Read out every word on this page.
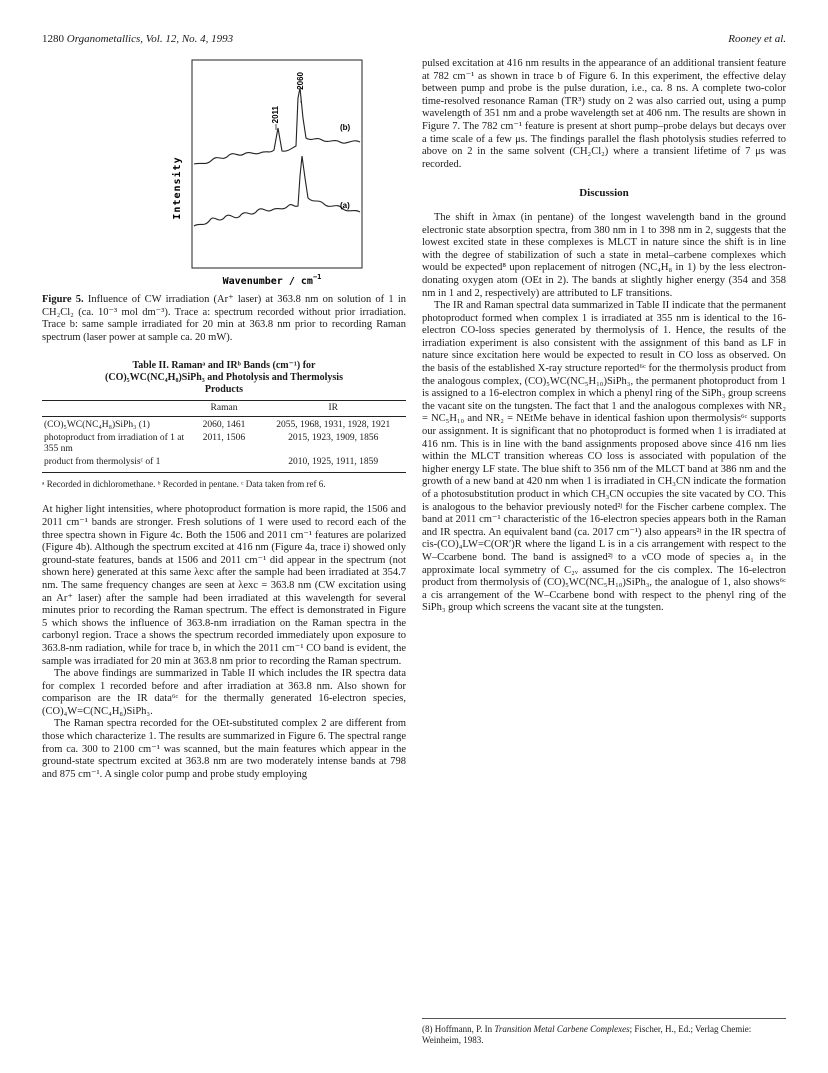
1280 Organometallics, Vol. 12, No. 4, 1993	Rooney et al.
2060
2011
(b)
(a)
Intensity
Wavenumber / $cm^{-1}$

Figure 5. Influence of CW irradiation (Ar⁺ laser) at 363.8 nm on solution of 1 in CH₂Cl₂ (ca. 10⁻³ mol dm⁻³). Trace a: spectrum recorded without prior irradiation. Trace b: same sample irradiated for 20 min at 363.8 nm prior to recording Raman spectrum (laser power at sample ca. 20 mW).

Table II. Ramanᵃ and IRᵇ Bands (cm⁻¹) for
(CO)₅WC(NC₄H₈)SiPh₃ and Photolysis and Thermolysis
Products
	Raman	IR
(CO)₅WC(NC₄H₈)SiPh₃ (1)	2060, 1461	2055, 1968, 1931, 1928, 1921
photoproduct from irradiation of 1 at 355 nm	2011, 1506	2015, 1923, 1909, 1856
product from thermolysisᶜ of 1		2010, 1925, 1911, 1859

ᵃ Recorded in dichloromethane. ᵇ Recorded in pentane. ᶜ Data taken from ref 6.

At higher light intensities, where photoproduct formation is more rapid, the 1506 and 2011 cm⁻¹ bands are stronger. Fresh solutions of 1 were used to record each of the three spectra shown in Figure 4c. Both the 1506 and 2011 cm⁻¹ features are polarized (Figure 4b). Although the spectrum excited at 416 nm (Figure 4a, trace i) showed only ground-state features, bands at 1506 and 2011 cm⁻¹ did appear in the spectrum (not shown here) generated at this same λexc after the sample had been irradiated at 354.7 nm. The same frequency changes are seen at λexc = 363.8 nm (CW excitation using an Ar⁺ laser) after the sample had been irradiated at this wavelength for several minutes prior to recording the Raman spectrum. The effect is demonstrated in Figure 5 which shows the influence of 363.8-nm irradiation on the Raman spectra in the carbonyl region. Trace a shows the spectrum recorded immediately upon exposure to 363.8-nm radiation, while for trace b, in which the 2011 cm⁻¹ CO band is evident, the sample was irradiated for 20 min at 363.8 nm prior to recording the Raman spectrum.

The above findings are summarized in Table II which includes the IR spectra data for complex 1 recorded before and after irradiation at 363.8 nm. Also shown for comparison are the IR data⁶ᶜ for the thermally generated 16-electron species, (CO)₄W=C(NC₄H₈)SiPh₃.

The Raman spectra recorded for the OEt-substituted complex 2 are different from those which characterize 1. The results are summarized in Figure 6. The spectral range from ca. 300 to 2100 cm⁻¹ was scanned, but the main features which appear in the ground-state spectrum excited at 363.8 nm are two moderately intense bands at 798 and 875 cm⁻¹. A single color pump and probe study employing

pulsed excitation at 416 nm results in the appearance of an additional transient feature at 782 cm⁻¹ as shown in trace b of Figure 6. In this experiment, the effective delay between pump and probe is the pulse duration, i.e., ca. 8 ns. A complete two-color time-resolved resonance Raman (TR³) study on 2 was also carried out, using a pump wavelength of 351 nm and a probe wavelength set at 406 nm. The results are shown in Figure 7. The 782 cm⁻¹ feature is present at short pump–probe delays but decays over a time scale of a few μs. The findings parallel the flash photolysis studies referred to above on 2 in the same solvent (CH₂Cl₂) where a transient lifetime of 7 μs was recorded.

Discussion

The shift in λmax (in pentane) of the longest wavelength band in the ground electronic state absorption spectra, from 380 nm in 1 to 398 nm in 2, suggests that the lowest excited state in these complexes is MLCT in nature since the shift is in line with the degree of stabilization of such a state in metal–carbene complexes which would be expected⁸ upon replacement of nitrogen (NC₄H₈ in 1) by the less electron-donating oxygen atom (OEt in 2). The bands at slightly higher energy (354 and 358 nm in 1 and 2, respectively) are attributed to LF transitions.

The IR and Raman spectral data summarized in Table II indicate that the permanent photoproduct formed when complex 1 is irradiated at 355 nm is identical to the 16-electron CO-loss species generated by thermolysis of 1. Hence, the results of the irradiation experiment is also consistent with the assignment of this band as LF in nature since excitation here would be expected to result in CO loss as observed. On the basis of the established X-ray structure reported⁶ᶜ for the thermolysis product from the analogous complex, (CO)₅WC(NC₅H₁₀)SiPh₃, the permanent photoproduct from 1 is assigned to a 16-electron complex in which a phenyl ring of the SiPh₃ group screens the vacant site on the tungsten. The fact that 1 and the analogous complexes with NR₂ = NC₅H₁₀ and NR₂ = NEtMe behave in identical fashion upon thermolysis⁶ᶜ supports our assignment. It is significant that no photoproduct is formed when 1 is irradiated at 416 nm. This is in line with the band assignments proposed above since 416 nm lies within the MLCT transition whereas CO loss is associated with population of the higher energy LF state. The blue shift to 356 nm of the MLCT band at 386 nm and the growth of a new band at 420 nm when 1 is irradiated in CH₃CN indicate the formation of a photosubstitution product in which CH₃CN occupies the site vacated by CO. This is analogous to the behavior previously noted²ʲ for the Fischer carbene complex. The band at 2011 cm⁻¹ characteristic of the 16-electron species appears both in the Raman and IR spectra. An equivalent band (ca. 2017 cm⁻¹) also appears²ʲ in the IR spectra of cis-(CO)₄LW=C(OR′)R where the ligand L is in a cis arrangement with respect to the W–Ccarbene bond. The band is assigned²ʲ to a νCO mode of species a₁ in the approximate local symmetry of C₂ᵥ assumed for the cis complex. The 16-electron product from thermolysis of (CO)₅WC(NC₅H₁₀)SiPh₃, the analogue of 1, also shows⁶ᶜ a cis arrangement of the W–Ccarbene bond with respect to the phenyl ring of the SiPh₃ group which screens the vacant site at the tungsten.

(8) Hoffmann, P. In Transition Metal Carbene Complexes; Fischer, H., Ed.; Verlag Chemie: Weinheim, 1983.
